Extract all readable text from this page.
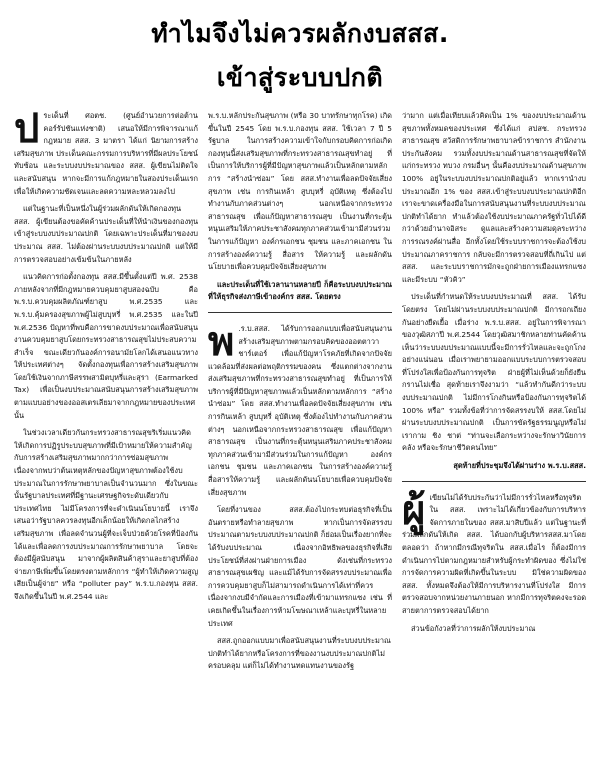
ทำไมจึงไม่ควรผลักงบสสส.
เข้าสู่ระบบปกติ

ป ระเด็นที่ ศอตช. (ศูนย์อำนวยการต่อต้านคอร์รัปชันแห่งชาติ) เสนอให้มีการพิจารณาแก้กฎหมาย สสส. 3 มาตรา ได้แก่ นิยามการสร้างเสริมสุขภาพ ประเด็นคณะกรรมการบริหารที่มีผลประโยชน์ทับซ้อน และระบบงบประมาณของ สสส. ผู้เขียนไม่ติดใจและสนับสนุน หากจะมีการแก้กฎหมายในสองประเด็นแรกเพื่อให้เกิดความชัดเจนและลดความหละหลวมลงไป

แต่ในฐานะที่เป็นหนึ่งในผู้ร่วมผลักดันให้เกิดกองทุน สสส. ผู้เขียนต้องขอคัดค้านประเด็นที่ให้นำเงินของกองทุนเข้าสู่ระบบงบประมาณปกติ โดยเฉพาะประเด็นที่มาของงบประมาณ สสส. ไม่ต้องผ่านระบบงบประมาณปกติ แต่ให้มีการตรวจสอบอย่างเข้มข้นในภายหลัง

แนวคิดการก่อตั้งกองทุน สสส.มีขึ้นตั้งแต่ปี พ.ศ. 2538 ภายหลังจากที่มีกฎหมายควบคุมยาสูบสองฉบับ คือ พ.ร.บ.ควบคุมผลิตภัณฑ์ยาสูบ พ.ศ.2535 และ พ.ร.บ.คุ้มครองสุขภาพผู้ไม่สูบบุหรี่ พ.ศ.2535 และในปี พ.ศ.2536 ปัญหาที่พบคือการขาดงบประมาณเพื่อสนับสนุนงานควบคุมยาสูบโดยกระทรวงสาธารณสุขไม่ประสบความสำเร็จ ขณะเดียวกันองค์การอนามัยโลกได้เสนอแนวทางให้ประเทศต่างๆ จัดตั้งกองทุนเพื่อการสร้างเสริมสุขภาพ โดยใช้เงินจากภาษีสรรพสามิตบุหรี่และสุรา (Earmarked Tax) เพื่อเป็นงบประมาณสนับสนุนการสร้างเสริมสุขภาพตามแบบอย่างของออสเตรเลียมาจากกฎหมายของประเทศนั้น

ในช่วงเวลาเดียวกันกระทรวงสาธารณสุขริเริ่มแนวคิดให้เกิดการปฏิรูประบบสุขภาพที่มีเป้าหมายให้ความสำคัญกับการสร้างเสริมสุขภาพมากกว่าการซ่อมสุขภาพ เนื่องจากพบว่าต้นเหตุหลักของปัญหาสุขภาพต้องใช้งบประมาณในการรักษาพยาบาลเป็นจำนวนมาก ซึ่งในขณะนั้นรัฐบาลประเทศที่มีฐานะเศรษฐกิจระดับเดียวกับประเทศไทย ไม่มีโครงการที่จะดำเนินนโยบายนี้ เราจึงเสนอว่ารัฐบาลควรลงทุนอีกเล็กน้อยให้เกิดกลไกสร้างเสริมสุขภาพ เพื่อลดจำนวนผู้ที่จะเจ็บป่วยด้วยโรคที่ป้องกันได้และเพื่อลดการงบประมาณการรักษาพยาบาล โดยจะต้องมีผู้สนับสนุน มาจากผู้ผลิตสินค้าสุราและยาสูบที่ต้องจ่ายภาษีเพิ่มขึ้นโดยตรงตามหลักการ “ผู้ทำให้เกิดความสูญเสียเป็นผู้จ่าย” หรือ “polluter pay” พ.ร.บ.กองทุน สสส. จึงเกิดขึ้นในปี พ.ศ.2544 และ

พ.ร.บ.หลักประกันสุขภาพ (หรือ 30 บาทรักษาทุกโรค) เกิดขึ้นในปี 2545 โดย พ.ร.บ.กองทุน สสส. ใช้เวลา 7 ปี 5 รัฐบาล ในการสร้างความเข้าใจกับกรอบคิดการก่อเกิดกองทุนนี้ส่งเสริมสุขภาพที่กระทรวงสาธารณสุขทำอยู่ ที่เป็นการให้บริการผู้ที่มีปัญหาสุขภาพแล้วเป็นหลักตามหลักการ “สร้างนำซ่อม” โดย สสส.ทำงานเพื่อลดปัจจัยเสี่ยงสุขภาพ เช่น การกินเหล้า สูบบุหรี่ อุบัติเหตุ ซึ่งต้องไปทำงานกับภาคส่วนต่างๆ นอกเหนือจากกระทรวงสาธารณสุข เพื่อแก้ปัญหาสาธารณสุข เป็นงานที่กระตุ้นหนุนเสริมให้ภาคประชาสังคมทุกภาคส่วนเข้ามามีส่วนร่วมในการแก้ปัญหา องค์กรเอกชน ชุมชน และภาคเอกชน ในการสร้างองค์ความรู้ สื่อสาร ให้ความรู้ และผลักดันนโยบายเพื่อควบคุมปัจจัยเสี่ยงสุขภาพ

และประเด็นที่ใช้เวลานานหลายปี ก็คือระบบงบประมาณที่ให้ธุรกิจส่งภาษีเข้าองค์กร สสส. โดยตรง

พ .ร.บ.สสส. ได้รับการออกแบบเพื่อสนับสนุนงานสร้างเสริมสุขภาพตามกรอบคิดของออตตาวา ชาร์เตอร์ เพื่อแก้ปัญหาโรคภัยที่เกิดจากปัจจัยแวดล้อมที่ส่งผลต่อพฤติกรรมของคน ซึ่งแตกต่างจากงานส่งเสริมสุขภาพที่กระทรวงสาธารณสุขทำอยู่ ที่เป็นการให้บริการผู้ที่มีปัญหาสุขภาพแล้วเป็นหลักตามหลักการ “สร้างนำซ่อม” โดย สสส.ทำงานเพื่อลดปัจจัยเสี่ยงสุขภาพ เช่น การกินเหล้า สูบบุหรี่ อุบัติเหตุ ซึ่งต้องไปทำงานกับภาคส่วนต่างๆ นอกเหนือจากกระทรวงสาธารณสุข เพื่อแก้ปัญหาสาธารณสุข เป็นงานที่กระตุ้นหนุนเสริมภาคประชาสังคมทุกภาคส่วนเข้ามามีส่วนร่วมในการแก้ปัญหา องค์กรเอกชน ชุมชน และภาคเอกชน ในการสร้างองค์ความรู้ สื่อสารให้ความรู้ และผลักดันนโยบายเพื่อควบคุมปัจจัยเสี่ยงสุขภาพ

โดยที่งานของ สสส.ต้องไปกระทบต่อธุรกิจที่เป็นอันตรายหรือทำลายสุขภาพ หากเป็นการจัดสรรงบประมาณตามระบบงบประมาณปกติ ก็ย่อมเป็นเรื่องยากที่จะได้รับงบประมาณ เนื่องจากอิทธิพลของธุรกิจที่เสียประโยชน์ที่ส่งผ่านฝ่ายการเมือง ดังเช่นที่กระทรวงสาธารณสุขเผชิญ และแม้ได้รับการจัดสรรงบประมาณเพื่อการควบคุมยาสูบก็ไม่สามารถดำเนินการได้เท่าที่ควร เนื่องจากงบมีจำกัดและการเมืองที่เข้ามาแทรกแซง เช่น ที่เคยเกิดขึ้นในเรื่องการห้ามโฆษณาเหล้าและบุหรี่ในหลายประเทศ

สสส.ถูกออกแบบมาเพื่อสนับสนุนงานที่ระบบงบประมาณปกติทำได้ยากหรือโครงการที่ของงานงบประมาณปกติไม่ครอบคลุม แต่ก็ไม่ได้ทำงานทดแทนงานของรัฐ

ว่ามาก แต่เมื่อเทียบแล้วคิดเป็น 1% ของงบประมาณด้านสุขภาพทั้งหมดของประเทศ ซึ่งได้แก่ สปสช. กระทรวงสาธารณสุข สวัสดิการรักษาพยาบาลข้าราชการ สำนักงานประกันสังคม รวมทั้งงบประมาณด้านสาธารณสุขที่จัดให้แก่กระทรวง ทบวง กรมอื่นๆ นั้นคืองบประมาณด้านสุขภาพ 100% อยู่ในระบบงบประมาณปกติอยู่แล้ว หากเรานำงบประมาณอีก 1% ของ สสส.เข้าสู่ระบบงบประมาณปกติอีก เราจะขาดเครื่องมือในการสนับสนุนงานที่ระบบงบประมาณปกติทำได้ยาก ทำแล้วต้องใช้งบประมาณภาครัฐทั่วไปได้ดีกว่าด้วยอำนาจอิสระ ดูแลและสร้างความสมดุลระหว่างการรณรงค์ผ่านสื่อ อีกทั้งโดยใช้ระบบราชการจะต้องใช้งบประมาณภาคราชการ กลับจะมีการตรวจสอบที่ถี่เกินไป แต่ สสส. และระบบราชการมักจะถูกฝ่ายการเมืองแทรกแซงและมีระบบ “หัวคิว”

ประเด็นที่กำหนดให้ระบบงบประมาณที่ สสส. ได้รับโดยตรง โดยไม่ผ่านระบบงบประมาณปกติ มีการถกเถียงกันอย่างยืดเยื้อ เมื่อร่าง พ.ร.บ.สสส. อยู่ในการพิจารณาของวุฒิสภาปี พ.ศ.2544 โดยวุฒิสมาชิกหลายท่านคัดค้านเห็นว่าระบบงบประมาณแบบนี้จะมีการรั่วไหลและจะถูกโกงอย่างแน่นอน เมื่อเราพยายามออกแบบระบบการตรวจสอบที่โปร่งใสเพื่อป้องกันการทุจริต ฝ่ายผู้ที่ไม่เห็นด้วยก็ยังยืนกรานไม่เชื่อ สุดท้ายเราจึงงามว่า “แล้วทำกันดีกว่าระบบงบประมาณปกติ ไม่มีการโกงกินหรือป้องกันการทุจริตได้ 100% หรือ” รวมทั้งข้อที่ว่าการจัดสรรงบให้ สสส.โดยไม่ผ่านระบบงบประมาณปกติ เป็นการขัดรัฐธรรมนูญหรือไม่ เรากาม ชิง ชาต่ “ท่านจะเลือกระหว่างจะรักษาวินัยการคลัง หรือจะรักษาชีวิตคนไทย”

สุดท้ายที่ประชุมจึงได้ผ่านร่าง พ.ร.บ.สสส.

ผู้ เขียนไม่ได้รับประกันว่าไม่มีการรั่วไหลหรือทุจริตใน สสส. เพราะไม่ได้เกี่ยวข้องกับการบริหารจัดการภายในของ สสส.มาสิบปีแล้ว แต่ในฐานะที่ร่วมผลักดันให้เกิด สสส. ได้บอกกับผู้บริหารสสส.มาโดยตลอดว่า ถ้าหากมีกรณีทุจริตใน สสส.เมื่อไร ก็ต้องมีการดำเนินการไปตามกฎหมายสำหรับผู้กระทำผิดของ ซึ่งไม่ใช่การจัดการความผิดที่เกิดขึ้นในระบบ มิใช่ความผิดของ สสส. ทั้งหมดจึงต้องให้มีการบริหารงานที่โปร่งใส มีการตรวจสอบจากหน่วยงานภายนอก หากมีการทุจริตคงจะรอดสายตาการตรวจสอบได้ยาก

ส่วนข้อกังวลที่ว่าการผลักให้งบประมาณ
